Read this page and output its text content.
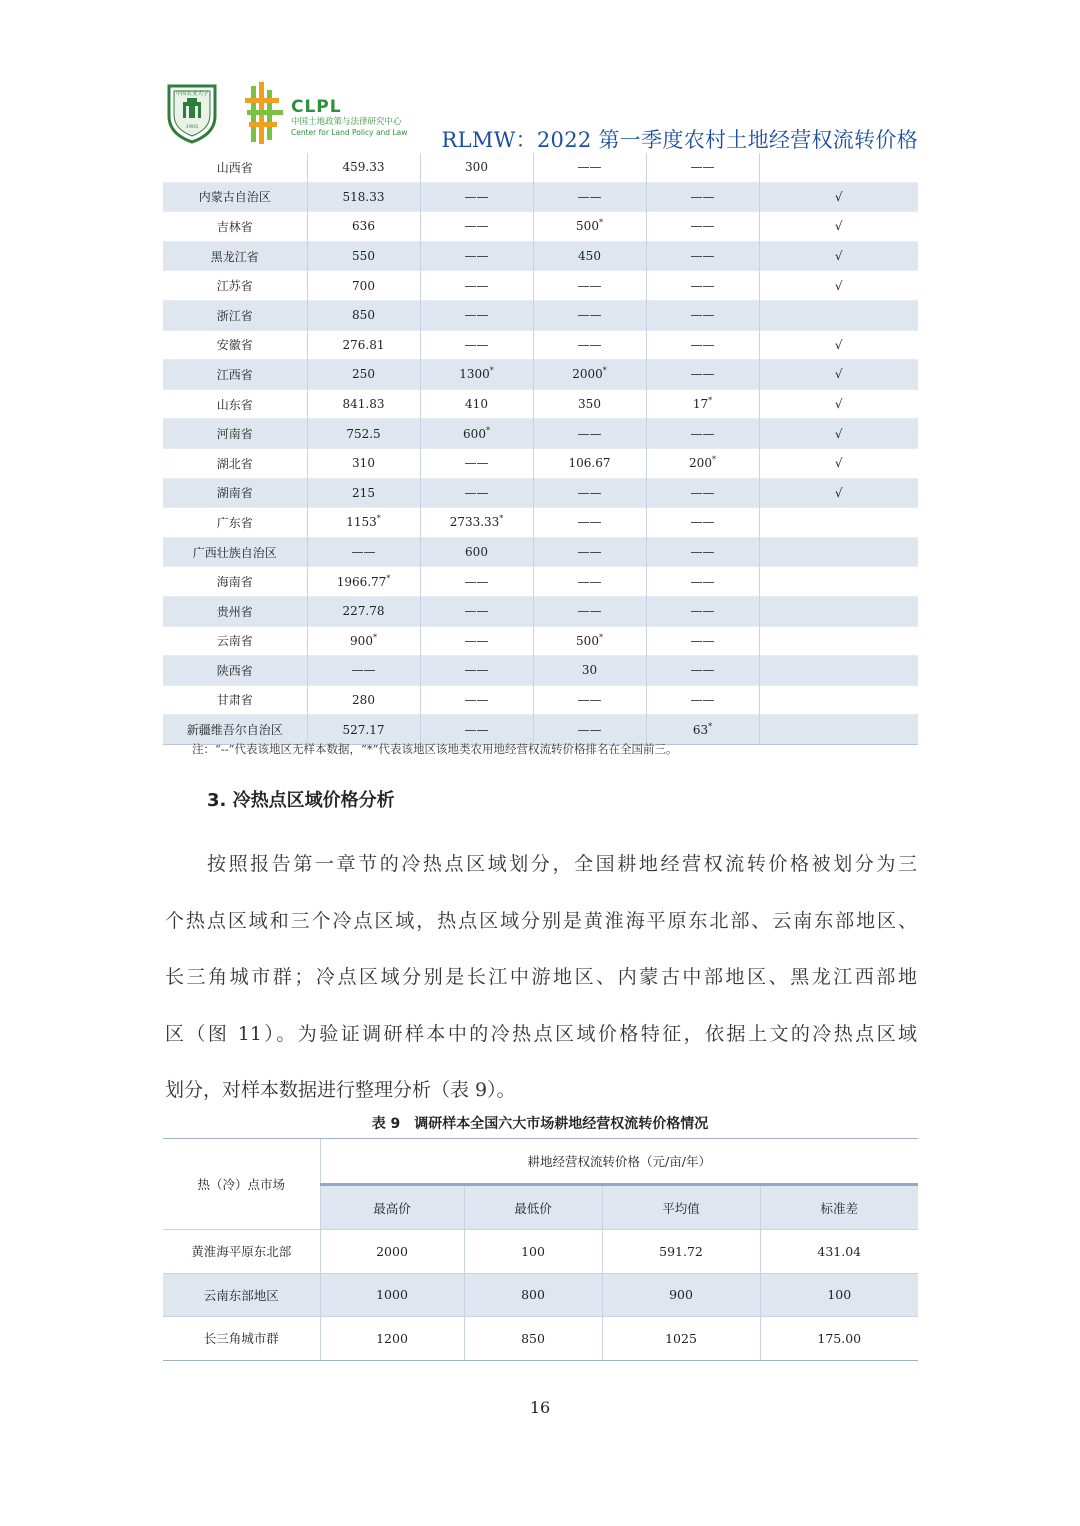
中国农业大学
1905
CLPL
中国土地政策与法律研究中心
Center for Land Policy and Law	RLMW：2022 第一季度农村土地经营权流转价格
山西省	459.33	300	——	——	
内蒙古自治区	518.33	——	——	——	√
吉林省	636	——	500*	——	√
黑龙江省	550	——	450	——	√
江苏省	700	——	——	——	√
浙江省	850	——	——	——	
安徽省	276.81	——	——	——	√
江西省	250	1300*	2000*	——	√
山东省	841.83	410	350	17*	√
河南省	752.5	600*	——	——	√
湖北省	310	——	106.67	200*	√
湖南省	215	——	——	——	√
广东省	1153*	2733.33*	——	——	
广西壮族自治区	——	600	——	——	
海南省	1966.77*	——	——	——	
贵州省	227.78	——	——	——	
云南省	900*	——	500*	——	
陕西省	——	——	30	——	
甘肃省	280	——	——	——	
新疆维吾尔自治区	527.17	——	——	63*	
注：“--”代表该地区无样本数据，“*”代表该地区该地类农用地经营权流转价格排名在全国前三。
3. 冷热点区域价格分析
按照报告第一章节的冷热点区域划分，全国耕地经营权流转价格被划分为三
个热点区域和三个冷点区域，热点区域分别是黄淮海平原东北部、云南东部地区、
长三角城市群；冷点区域分别是长江中游地区、内蒙古中部地区、黑龙江西部地
区（图 11）。为验证调研样本中的冷热点区域价格特征，依据上文的冷热点区域
划分，对样本数据进行整理分析（表 9）。
表 9　调研样本全国六大市场耕地经营权流转价格情况
热（冷）点市场	耕地经营权流转价格（元/亩/年）			
	最高价	最低价	平均值	标准差
黄淮海平原东北部	2000	100	591.72	431.04
云南东部地区	1000	800	900	100
长三角城市群	1200	850	1025	175.00
16
